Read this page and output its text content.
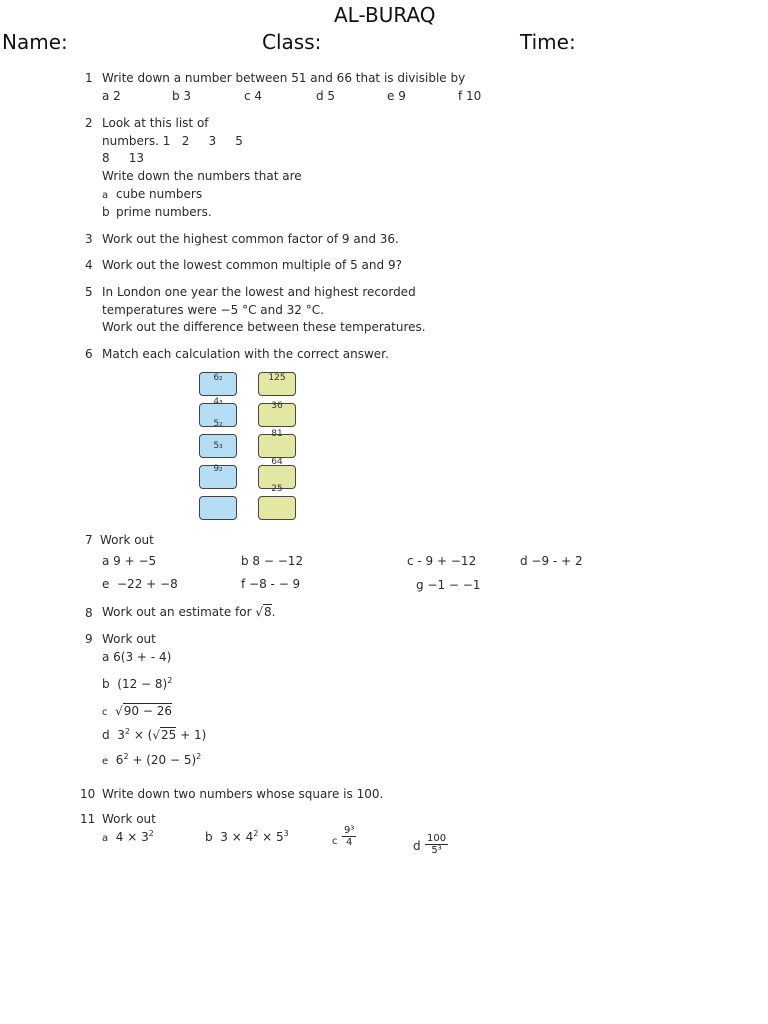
AL-BURAQ
Name:	Class:	Time:
1 Write down a number between 51 and 66 that is divisible by
a 2	b 3	c 4	d 5	e 9	f 10
2 Look at this list of
numbers. 1   2     3     5
8     13
Write down the numbers that are
a cube numbers
b prime numbers.
3 Work out the highest common factor of 9 and 36.
4 Work out the lowest common multiple of 5 and 9?
5 In London one year the lowest and highest recorded
temperatures were −5 °C and 32 °C.
Work out the difference between these temperatures.
6 Match each calculation with the correct answer.
6₂
4₃
5₂
5₃
9₂
125
36
81
64
25
7 Work out
a 9 + −5	b 8 − −12	c - 9 + −12	d −9 - + 2
e  −22 + −8	f −8 - − 9	g −1 − −1
8 Work out an estimate for √8.
9 Work out
a 6(3 + - 4)
b $(12 - 8)^2$
c √90 − 26
d $3^2 \times (√25 + 1)$
e $6^2 + (20 - 5)^2$
10 Write down two numbers whose square is 100.
11 Work out
a $4 \times 3^2$	b $3 \times 4^2 \times 5^3$
c $\frac{\text{9³}}{4}$	d $\frac{100}{\text{5³}}$
